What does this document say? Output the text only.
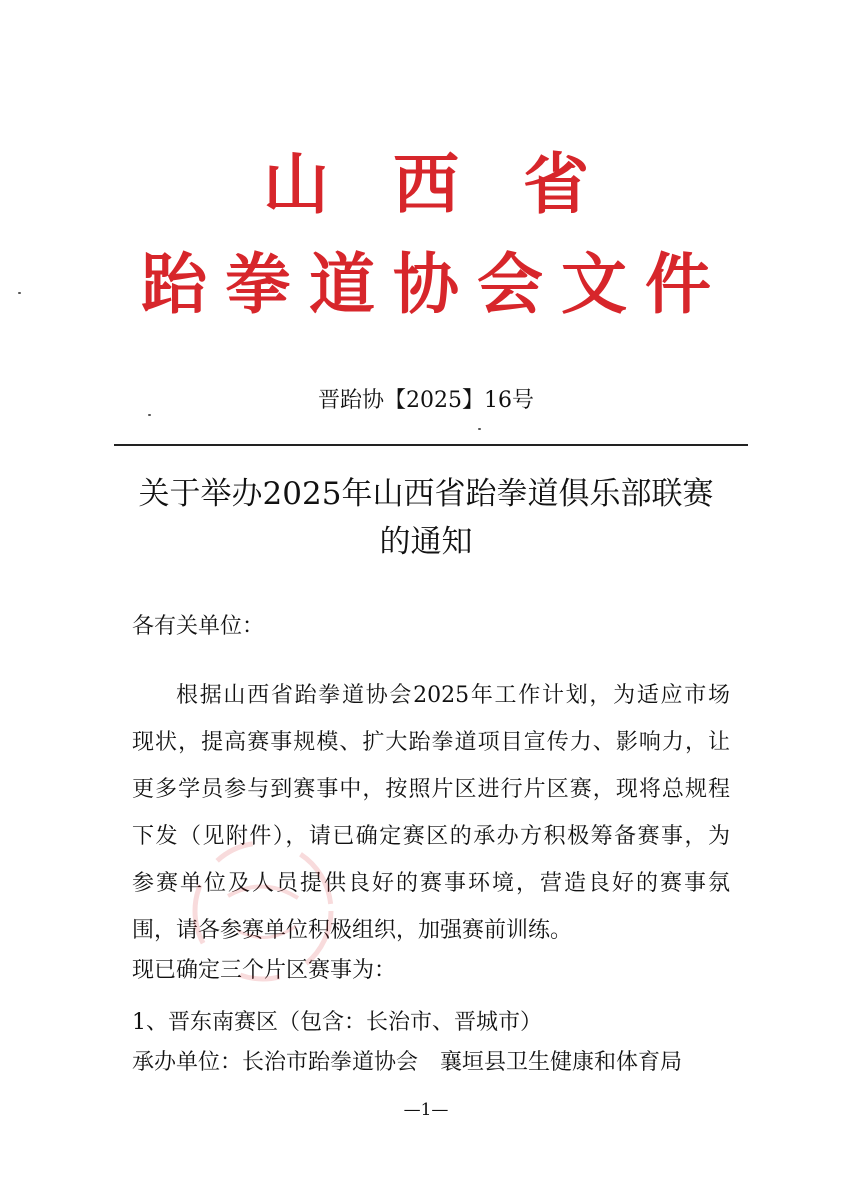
山西省
跆拳道协会文件
晋跆协【2025】16号
关于举办2025年山西省跆拳道俱乐部联赛
的通知
各有关单位：
根据山西省跆拳道协会2025年工作计划，为适应市场
现状，提高赛事规模、扩大跆拳道项目宣传力、影响力，让
更多学员参与到赛事中，按照片区进行片区赛，现将总规程
下发（见附件），请已确定赛区的承办方积极筹备赛事，为
参赛单位及人员提供良好的赛事环境，营造良好的赛事氛
围，请各参赛单位积极组织，加强赛前训练。
现已确定三个片区赛事为：
1、晋东南赛区（包含：长治市、晋城市）
承办单位：长治市跆拳道协会　襄垣县卫生健康和体育局
—1—
